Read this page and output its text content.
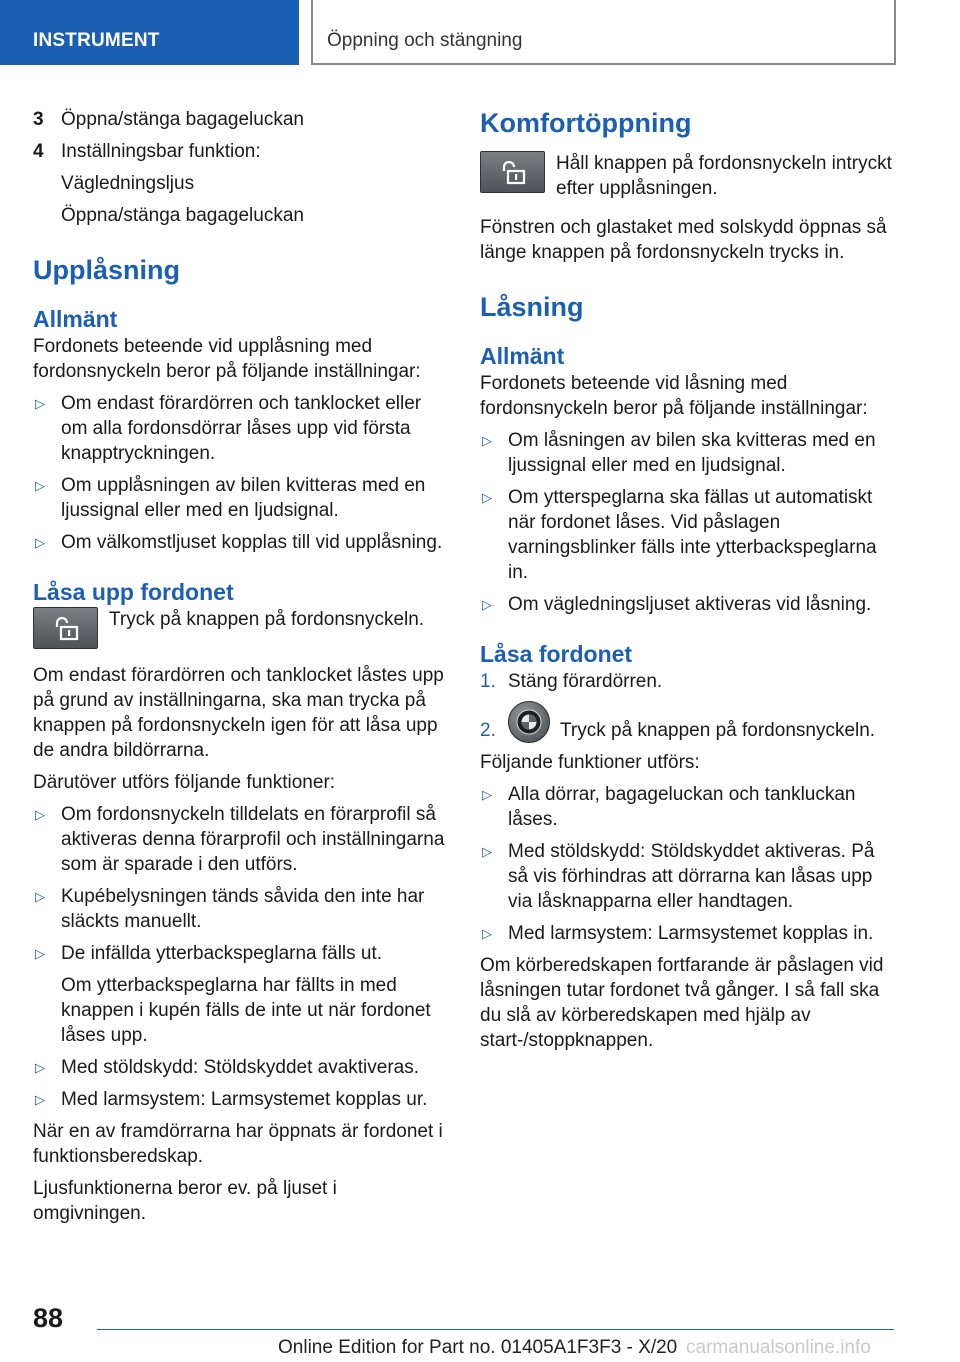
INSTRUMENT	Öppning och stängning
3 Öppna/stänga bagageluckan
4 Inställningsbar funktion:
Vägledningsljus
Öppna/stänga bagageluckan
Upplåsning
Allmänt

Fordonets beteende vid upplåsning med fordonsnyckeln beror på följande inställningar:

▷ Om endast förardörren och tanklocket eller om alla fordonsdörrar låses upp vid första knapptryckningen.
▷ Om upplåsningen av bilen kvitteras med en ljussignal eller med en ljudsignal.
▷ Om välkomstljuset kopplas till vid upplåsning.
Låsa upp fordonet

Tryck på knappen på fordonsnyckeln.

Om endast förardörren och tanklocket låstes upp på grund av inställningarna, ska man trycka på knappen på fordonsnyckeln igen för att låsa upp de andra bildörrarna.

Därutöver utförs följande funktioner:

▷ Om fordonsnyckeln tilldelats en förarprofil så aktiveras denna förarprofil och inställningarna som är sparade i den utförs.
▷ Kupébelysningen tänds såvida den inte har släckts manuellt.
▷ De infällda ytterbackspeglarna fälls ut.
Om ytterbackspeglarna har fällts in med knappen i kupén fälls de inte ut när fordonet låses upp.
▷ Med stöldskydd: Stöldskyddet avaktiveras.
▷ Med larmsystem: Larmsystemet kopplas ur.

När en av framdörrarna har öppnats är fordonet i funktionsberedskap.

Ljusfunktionerna beror ev. på ljuset i omgivningen.

Komfortöppning

Håll knappen på fordonsnyckeln intryckt efter upplåsningen.

Fönstren och glastaket med solskydd öppnas så länge knappen på fordonsnyckeln trycks in.

Låsning
Allmänt

Fordonets beteende vid låsning med fordonsnyckeln beror på följande inställningar:

▷ Om låsningen av bilen ska kvitteras med en ljussignal eller med en ljudsignal.
▷ Om ytterspeglarna ska fällas ut automatiskt när fordonet låses. Vid påslagen varningsblinker fälls inte ytterbackspeglarna in.
▷ Om vägledningsljuset aktiveras vid låsning.
Låsa fordonet
1. Stäng förardörren.
2.	Tryck på knappen på fordonsnyckeln.

Följande funktioner utförs:

▷ Alla dörrar, bagageluckan och tankluckan låses.
▷ Med stöldskydd: Stöldskyddet aktiveras. På så vis förhindras att dörrarna kan låsas upp via låsknapparna eller handtagen.
▷ Med larmsystem: Larmsystemet kopplas in.

Om körberedskapen fortfarande är påslagen vid låsningen tutar fordonet två gånger. I så fall ska du slå av körberedskapen med hjälp av start-/stoppknappen.

88
Online Edition for Part no. 01405A1F3F3 - X/20 carmanualsonline.info
